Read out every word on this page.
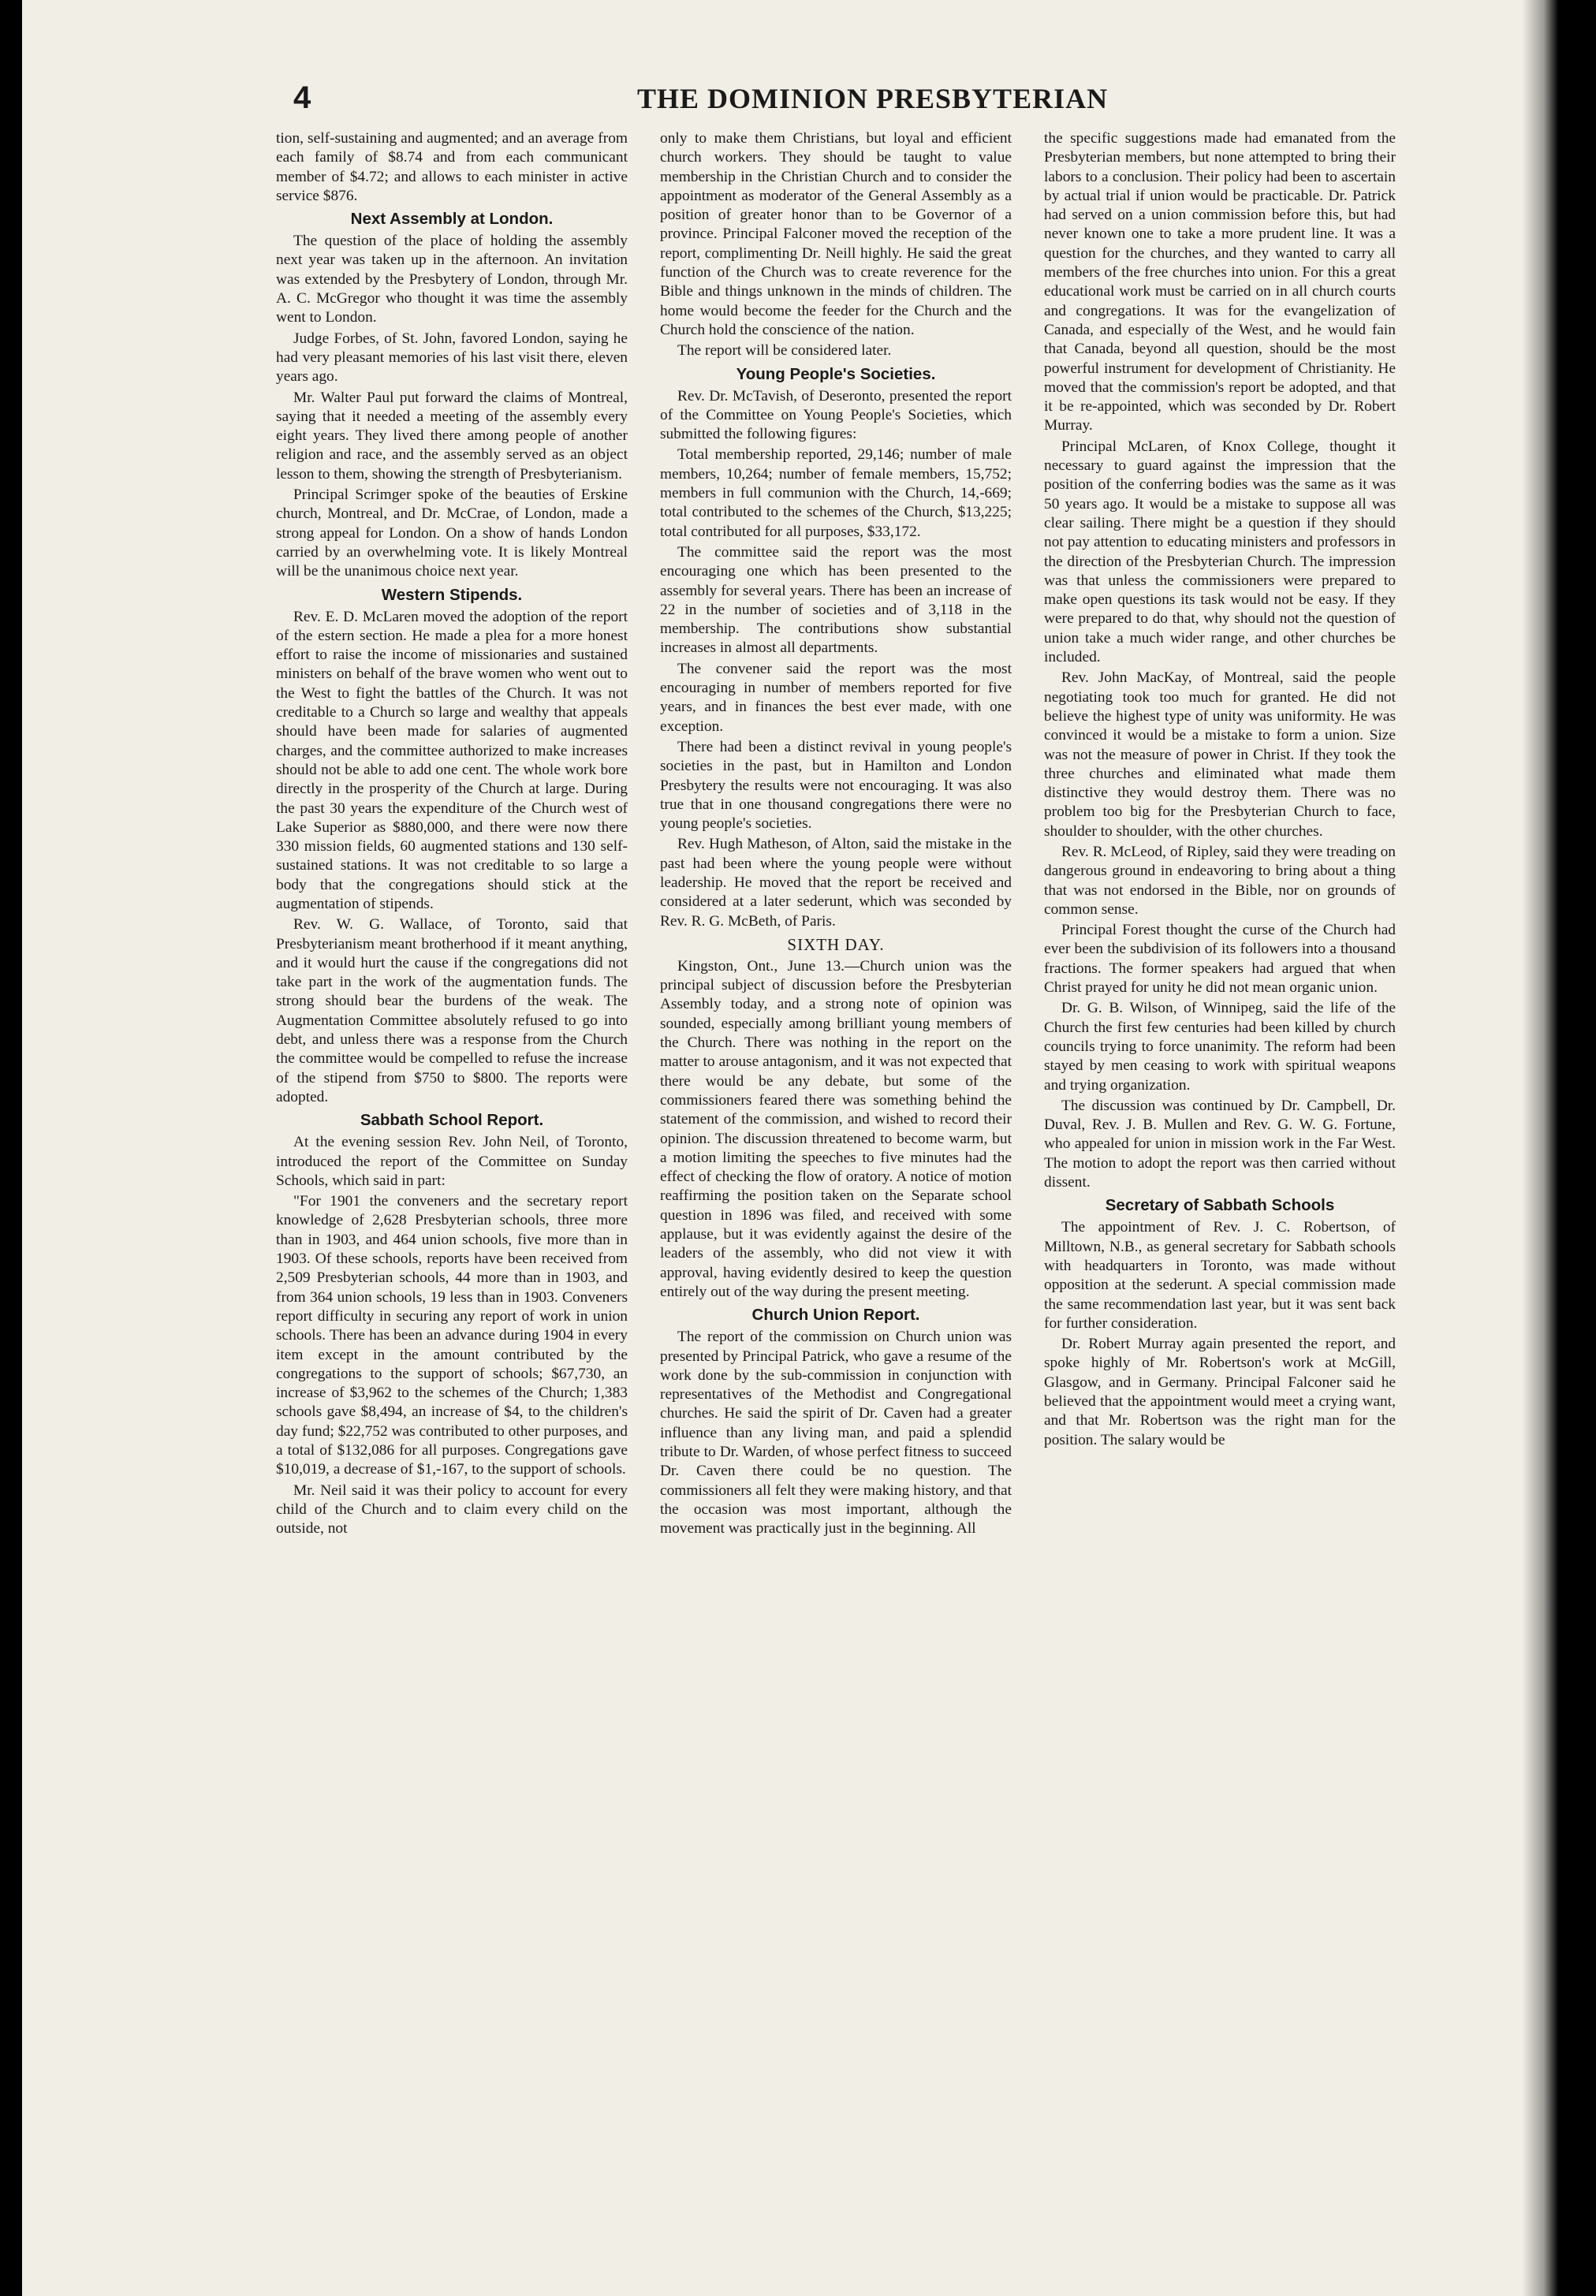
4	THE DOMINION PRESBYTERIAN

tion, self-sustaining and augmented; and an average from each family of $8.74 and from each communicant member of $4.72; and allows to each minister in active service $876.

Next Assembly at London.

The question of the place of holding the assembly next year was taken up in the afternoon. An invitation was extended by the Presbytery of London, through Mr. A. C. McGregor who thought it was time the assembly went to London.

Judge Forbes, of St. John, favored London, saying he had very pleasant memories of his last visit there, eleven years ago.

Mr. Walter Paul put forward the claims of Montreal, saying that it needed a meeting of the assembly every eight years. They lived there among people of another religion and race, and the assembly served as an object lesson to them, showing the strength of Presbyterianism.

Principal Scrimger spoke of the beauties of Erskine church, Montreal, and Dr. McCrae, of London, made a strong appeal for London. On a show of hands London carried by an overwhelming vote. It is likely Montreal will be the unanimous choice next year.

Western Stipends.

Rev. E. D. McLaren moved the adoption of the report of the estern section. He made a plea for a more honest effort to raise the income of missionaries and sustained ministers on behalf of the brave women who went out to the West to fight the battles of the Church. It was not creditable to a Church so large and wealthy that appeals should have been made for salaries of augmented charges, and the committee authorized to make increases should not be able to add one cent. The whole work bore directly in the prosperity of the Church at large. During the past 30 years the expenditure of the Church west of Lake Superior as $880,000, and there were now there 330 mission fields, 60 augmented stations and 130 self-sustained stations. It was not creditable to so large a body that the congregations should stick at the augmentation of stipends.

Rev. W. G. Wallace, of Toronto, said that Presbyterianism meant brotherhood if it meant anything, and it would hurt the cause if the congregations did not take part in the work of the augmentation funds. The strong should bear the burdens of the weak. The Augmentation Committee absolutely refused to go into debt, and unless there was a response from the Church the committee would be compelled to refuse the increase of the stipend from $750 to $800. The reports were adopted.

Sabbath School Report.

At the evening session Rev. John Neil, of Toronto, introduced the report of the Committee on Sunday Schools, which said in part:

"For 1901 the conveners and the secretary report knowledge of 2,628 Presbyterian schools, three more than in 1903, and 464 union schools, five more than in 1903. Of these schools, reports have been received from 2,509 Presbyterian schools, 44 more than in 1903, and from 364 union schools, 19 less than in 1903. Conveners report difficulty in securing any report of work in union schools. There has been an advance during 1904 in every item except in the amount contributed by the congregations to the support of schools; $67,730, an increase of $3,962 to the schemes of the Church; 1,383 schools gave $8,494, an increase of $4, to the children's day fund; $22,752 was contributed to other purposes, and a total of $132,086 for all purposes. Congregations gave $10,019, a decrease of $1,-167, to the support of schools.

Mr. Neil said it was their policy to account for every child of the Church and to claim every child on the outside, not

only to make them Christians, but loyal and efficient church workers. They should be taught to value membership in the Christian Church and to consider the appointment as moderator of the General Assembly as a position of greater honor than to be Governor of a province. Principal Falconer moved the reception of the report, complimenting Dr. Neill highly. He said the great function of the Church was to create reverence for the Bible and things unknown in the minds of children. The home would become the feeder for the Church and the Church hold the conscience of the nation.

The report will be considered later.

Young People's Societies.

Rev. Dr. McTavish, of Deseronto, presented the report of the Committee on Young People's Societies, which submitted the following figures:

Total membership reported, 29,146; number of male members, 10,264; number of female members, 15,752; members in full communion with the Church, 14,-669; total contributed to the schemes of the Church, $13,225; total contributed for all purposes, $33,172.

The committee said the report was the most encouraging one which has been presented to the assembly for several years. There has been an increase of 22 in the number of societies and of 3,118 in the membership. The contributions show substantial increases in almost all departments.

The convener said the report was the most encouraging in number of members reported for five years, and in finances the best ever made, with one exception.

There had been a distinct revival in young people's societies in the past, but in Hamilton and London Presbytery the results were not encouraging. It was also true that in one thousand congregations there were no young people's societies.

Rev. Hugh Matheson, of Alton, said the mistake in the past had been where the young people were without leadership. He moved that the report be received and considered at a later sederunt, which was seconded by Rev. R. G. McBeth, of Paris.

SIXTH DAY.

Kingston, Ont., June 13.—Church union was the principal subject of discussion before the Presbyterian Assembly today, and a strong note of opinion was sounded, especially among brilliant young members of the Church. There was nothing in the report on the matter to arouse antagonism, and it was not expected that there would be any debate, but some of the commissioners feared there was something behind the statement of the commission, and wished to record their opinion. The discussion threatened to become warm, but a motion limiting the speeches to five minutes had the effect of checking the flow of oratory. A notice of motion reaffirming the position taken on the Separate school question in 1896 was filed, and received with some applause, but it was evidently against the desire of the leaders of the assembly, who did not view it with approval, having evidently desired to keep the question entirely out of the way during the present meeting.

Church Union Report.

The report of the commission on Church union was presented by Principal Patrick, who gave a resume of the work done by the sub-commission in conjunction with representatives of the Methodist and Congregational churches. He said the spirit of Dr. Caven had a greater influence than any living man, and paid a splendid tribute to Dr. Warden, of whose perfect fitness to succeed Dr. Caven there could be no question. The commissioners all felt they were making history, and that the occasion was most important, although the movement was practically just in the beginning. All

the specific suggestions made had emanated from the Presbyterian members, but none attempted to bring their labors to a conclusion. Their policy had been to ascertain by actual trial if union would be practicable. Dr. Patrick had served on a union commission before this, but had never known one to take a more prudent line. It was a question for the churches, and they wanted to carry all members of the free churches into union. For this a great educational work must be carried on in all church courts and congregations. It was for the evangelization of Canada, and especially of the West, and he would fain that Canada, beyond all question, should be the most powerful instrument for development of Christianity. He moved that the commission's report be adopted, and that it be re-appointed, which was seconded by Dr. Robert Murray.

Principal McLaren, of Knox College, thought it necessary to guard against the impression that the position of the conferring bodies was the same as it was 50 years ago. It would be a mistake to suppose all was clear sailing. There might be a question if they should not pay attention to educating ministers and professors in the direction of the Presbyterian Church. The impression was that unless the commissioners were prepared to make open questions its task would not be easy. If they were prepared to do that, why should not the question of union take a much wider range, and other churches be included.

Rev. John MacKay, of Montreal, said the people negotiating took too much for granted. He did not believe the highest type of unity was uniformity. He was convinced it would be a mistake to form a union. Size was not the measure of power in Christ. If they took the three churches and eliminated what made them distinctive they would destroy them. There was no problem too big for the Presbyterian Church to face, shoulder to shoulder, with the other churches.

Rev. R. McLeod, of Ripley, said they were treading on dangerous ground in endeavoring to bring about a thing that was not endorsed in the Bible, nor on grounds of common sense.

Principal Forest thought the curse of the Church had ever been the subdivision of its followers into a thousand fractions. The former speakers had argued that when Christ prayed for unity he did not mean organic union.

Dr. G. B. Wilson, of Winnipeg, said the life of the Church the first few centuries had been killed by church councils trying to force unanimity. The reform had been stayed by men ceasing to work with spiritual weapons and trying organization.

The discussion was continued by Dr. Campbell, Dr. Duval, Rev. J. B. Mullen and Rev. G. W. G. Fortune, who appealed for union in mission work in the Far West. The motion to adopt the report was then carried without dissent.

Secretary of Sabbath Schools

The appointment of Rev. J. C. Robertson, of Milltown, N.B., as general secretary for Sabbath schools with headquarters in Toronto, was made without opposition at the sederunt. A special commission made the same recommendation last year, but it was sent back for further consideration.

Dr. Robert Murray again presented the report, and spoke highly of Mr. Robertson's work at McGill, Glasgow, and in Germany. Principal Falconer said he believed that the appointment would meet a crying want, and that Mr. Robertson was the right man for the position. The salary would be
